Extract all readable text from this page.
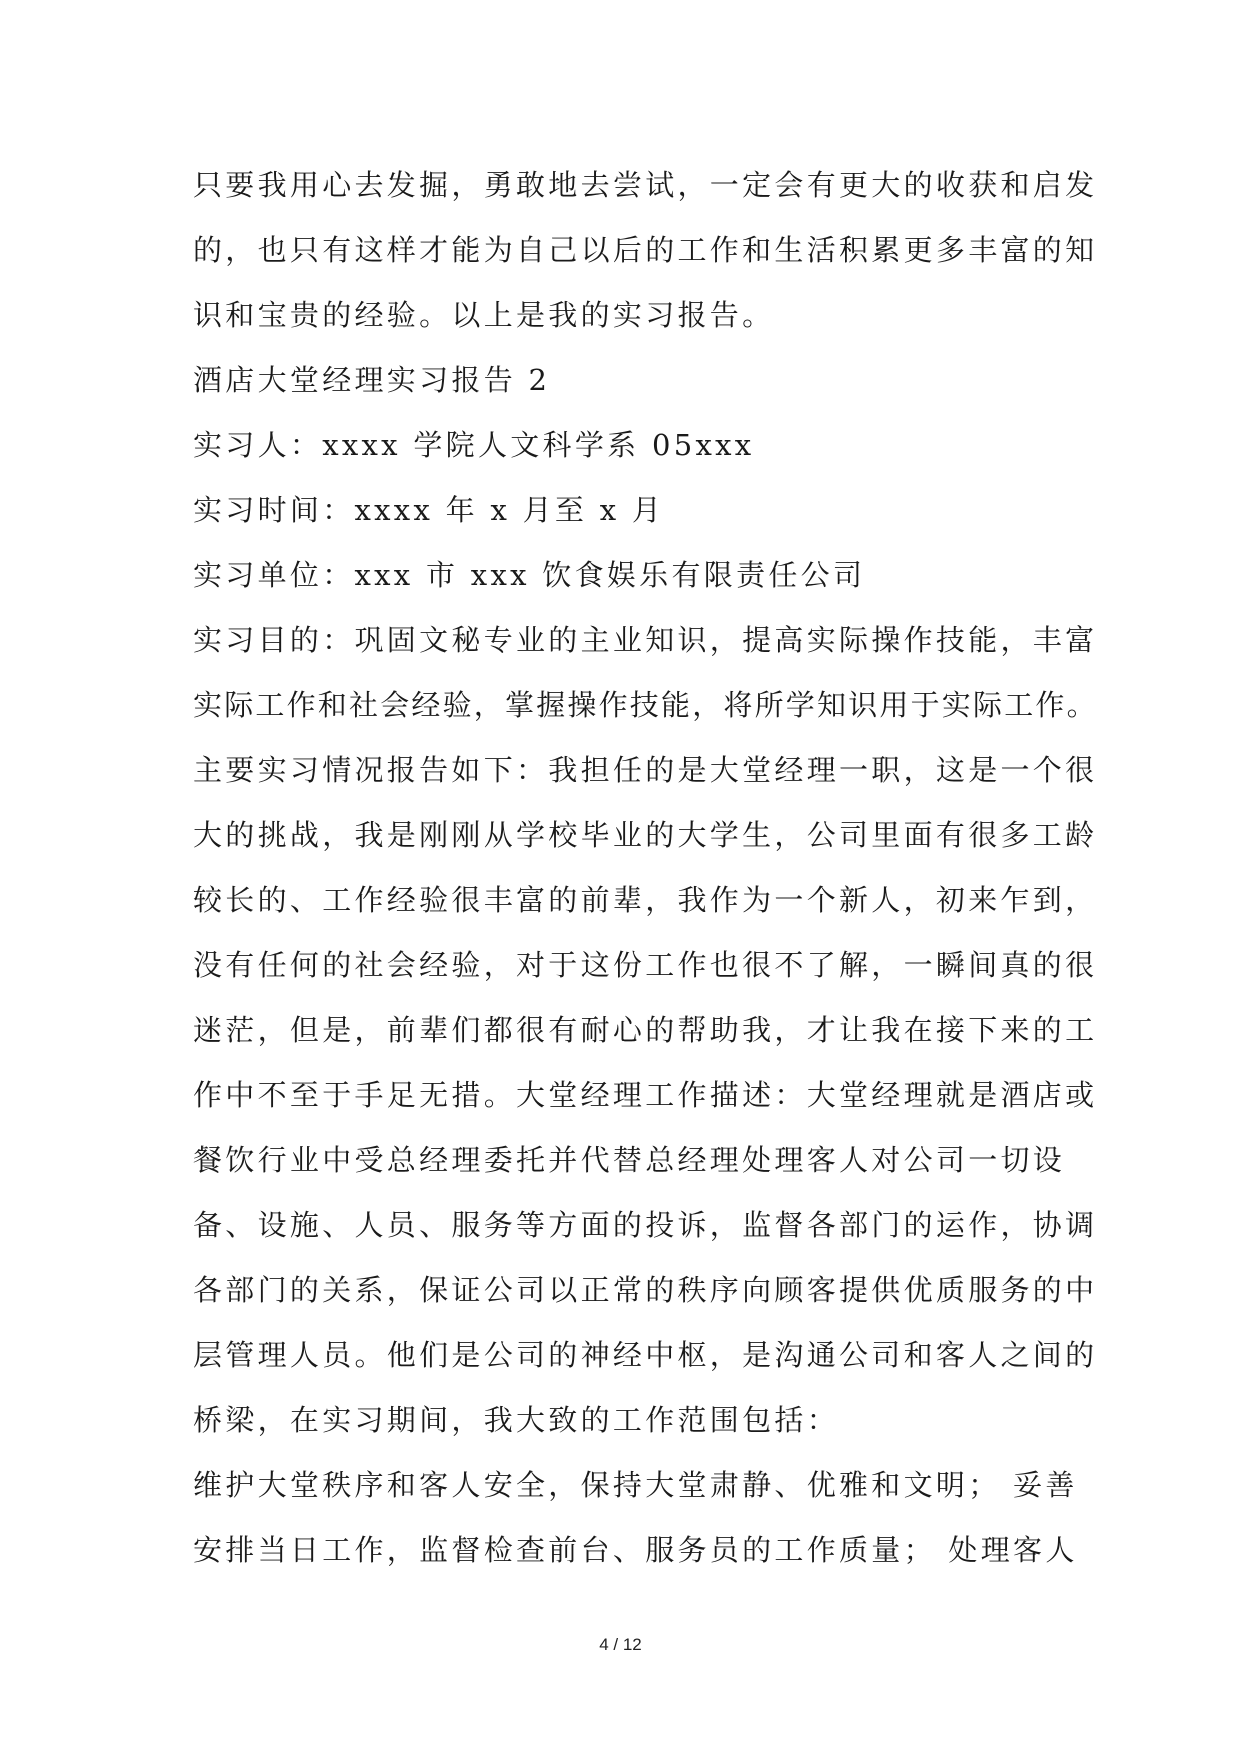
只要我用心去发掘，勇敢地去尝试，一定会有更大的收获和启发

的，也只有这样才能为自己以后的工作和生活积累更多丰富的知

识和宝贵的经验。以上是我的实习报告。

酒店大堂经理实习报告 2

实习人：xxxx 学院人文科学系 05xxx

实习时间：xxxx 年 x 月至 x 月

实习单位：xxx 市 xxx 饮食娱乐有限责任公司

实习目的：巩固文秘专业的主业知识，提高实际操作技能，丰富

实际工作和社会经验，掌握操作技能，将所学知识用于实际工作。

主要实习情况报告如下：我担任的是大堂经理一职，这是一个很

大的挑战，我是刚刚从学校毕业的大学生，公司里面有很多工龄

较长的、工作经验很丰富的前辈，我作为一个新人，初来乍到，

没有任何的社会经验，对于这份工作也很不了解，一瞬间真的很

迷茫，但是，前辈们都很有耐心的帮助我，才让我在接下来的工

作中不至于手足无措。大堂经理工作描述：大堂经理就是酒店或

餐饮行业中受总经理委托并代替总经理处理客人对公司一切设

备、设施、人员、服务等方面的投诉，监督各部门的运作，协调

各部门的关系，保证公司以正常的秩序向顾客提供优质服务的中

层管理人员。他们是公司的神经中枢，是沟通公司和客人之间的

桥梁，在实习期间，我大致的工作范围包括：

维护大堂秩序和客人安全，保持大堂肃静、优雅和文明； 妥善

安排当日工作，监督检查前台、服务员的工作质量； 处理客人

4 / 12
